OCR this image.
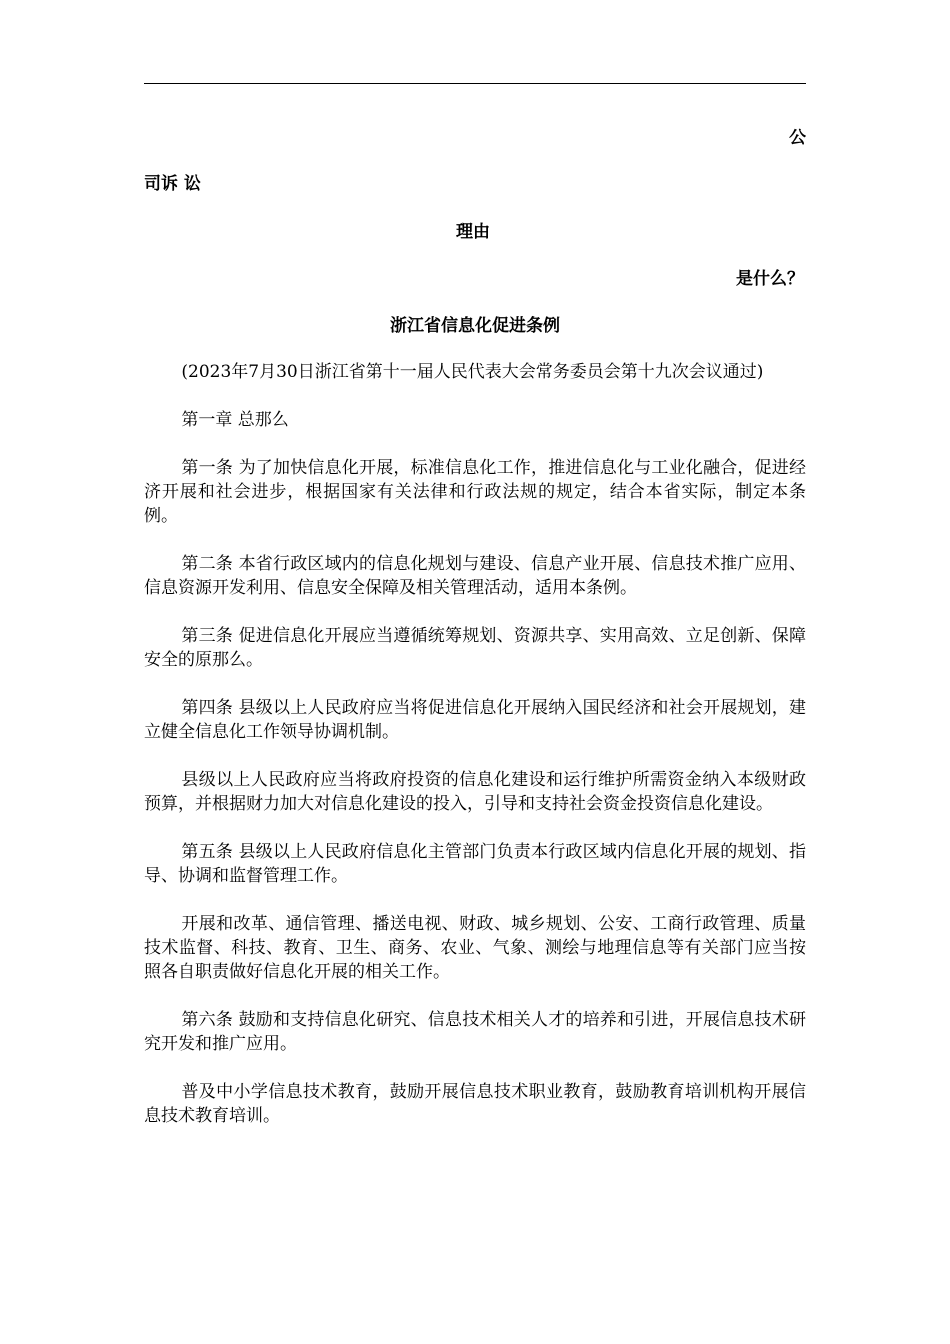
公
司诉 讼
理由
是什么？
浙江省信息化促进条例

(2023年7月30日浙江省第十一届人民代表大会常务委员会第十九次会议通过)

第一章 总那么

第一条 为了加快信息化开展，标准信息化工作，推进信息化与工业化融合，促进经济开展和社会进步，根据国家有关法律和行政法规的规定，结合本省实际，制定本条例。

第二条 本省行政区域内的信息化规划与建设、信息产业开展、信息技术推广应用、信息资源开发利用、信息安全保障及相关管理活动，适用本条例。

第三条 促进信息化开展应当遵循统筹规划、资源共享、实用高效、立足创新、保障安全的原那么。

第四条 县级以上人民政府应当将促进信息化开展纳入国民经济和社会开展规划，建立健全信息化工作领导协调机制。

县级以上人民政府应当将政府投资的信息化建设和运行维护所需资金纳入本级财政预算，并根据财力加大对信息化建设的投入，引导和支持社会资金投资信息化建设。

第五条 县级以上人民政府信息化主管部门负责本行政区域内信息化开展的规划、指导、协调和监督管理工作。

开展和改革、通信管理、播送电视、财政、城乡规划、公安、工商行政管理、质量技术监督、科技、教育、卫生、商务、农业、气象、测绘与地理信息等有关部门应当按照各自职责做好信息化开展的相关工作。

第六条 鼓励和支持信息化研究、信息技术相关人才的培养和引进，开展信息技术研究开发和推广应用。

普及中小学信息技术教育，鼓励开展信息技术职业教育，鼓励教育培训机构开展信息技术教育培训。
